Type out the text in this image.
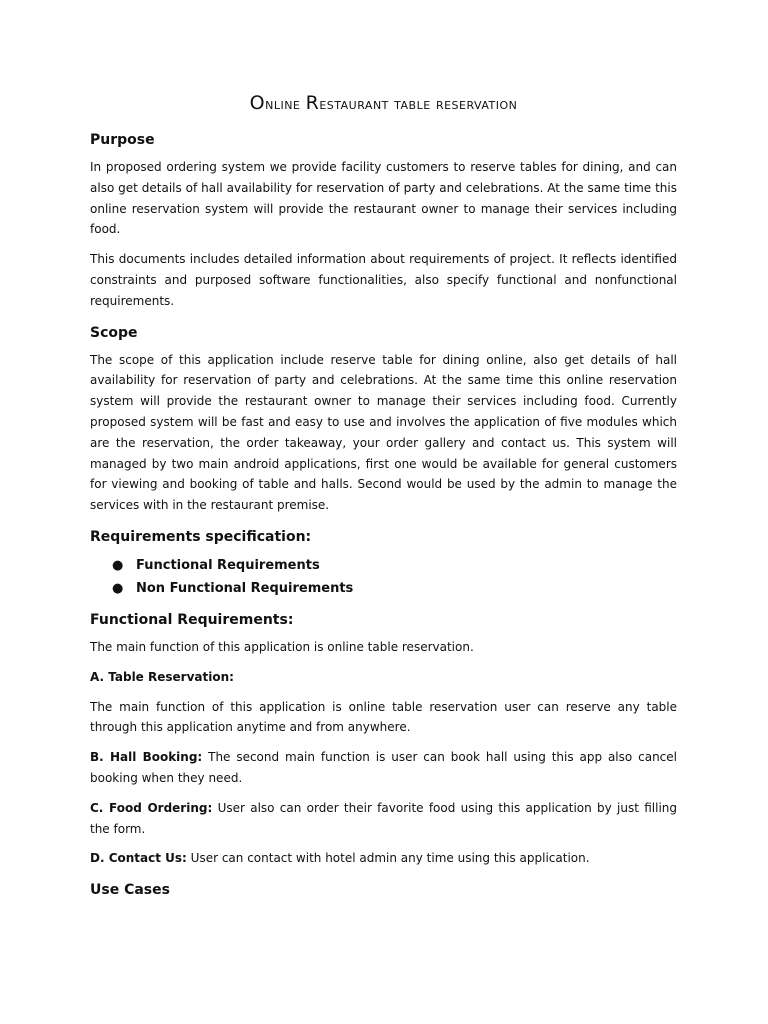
Online Restaurant table reservation
Purpose

In proposed ordering system we provide facility customers to reserve tables for dining, and can also get details of hall availability for reservation of party and celebrations. At the same time this online reservation system will provide the restaurant owner to manage their services including food.

This documents includes detailed information about requirements of project. It reflects identified constraints and purposed software functionalities, also specify functional and nonfunctional requirements.

Scope

The scope of this application include reserve table for dining online, also get details of hall availability for reservation of party and celebrations. At the same time this online reservation system will provide the restaurant owner to manage their services including food. Currently proposed system will be fast and easy to use and involves the application of five modules which are the reservation, the order takeaway, your order gallery and contact us. This system will managed by two main android applications, first one would be available for general customers for viewing and booking of table and halls. Second would be used by the admin to manage the services with in the restaurant premise.

Requirements specification:
● Functional Requirements
● Non Functional Requirements
Functional Requirements:

The main function of this application is online table reservation.

A. Table Reservation:

The main function of this application is online table reservation user can reserve any table through this application anytime and from anywhere.

B. Hall Booking: The second main function is user can book hall using this app also cancel booking when they need.

C. Food Ordering: User also can order their favorite food using this application by just filling the form.

D. Contact Us: User can contact with hotel admin any time using this application.

Use Cases
